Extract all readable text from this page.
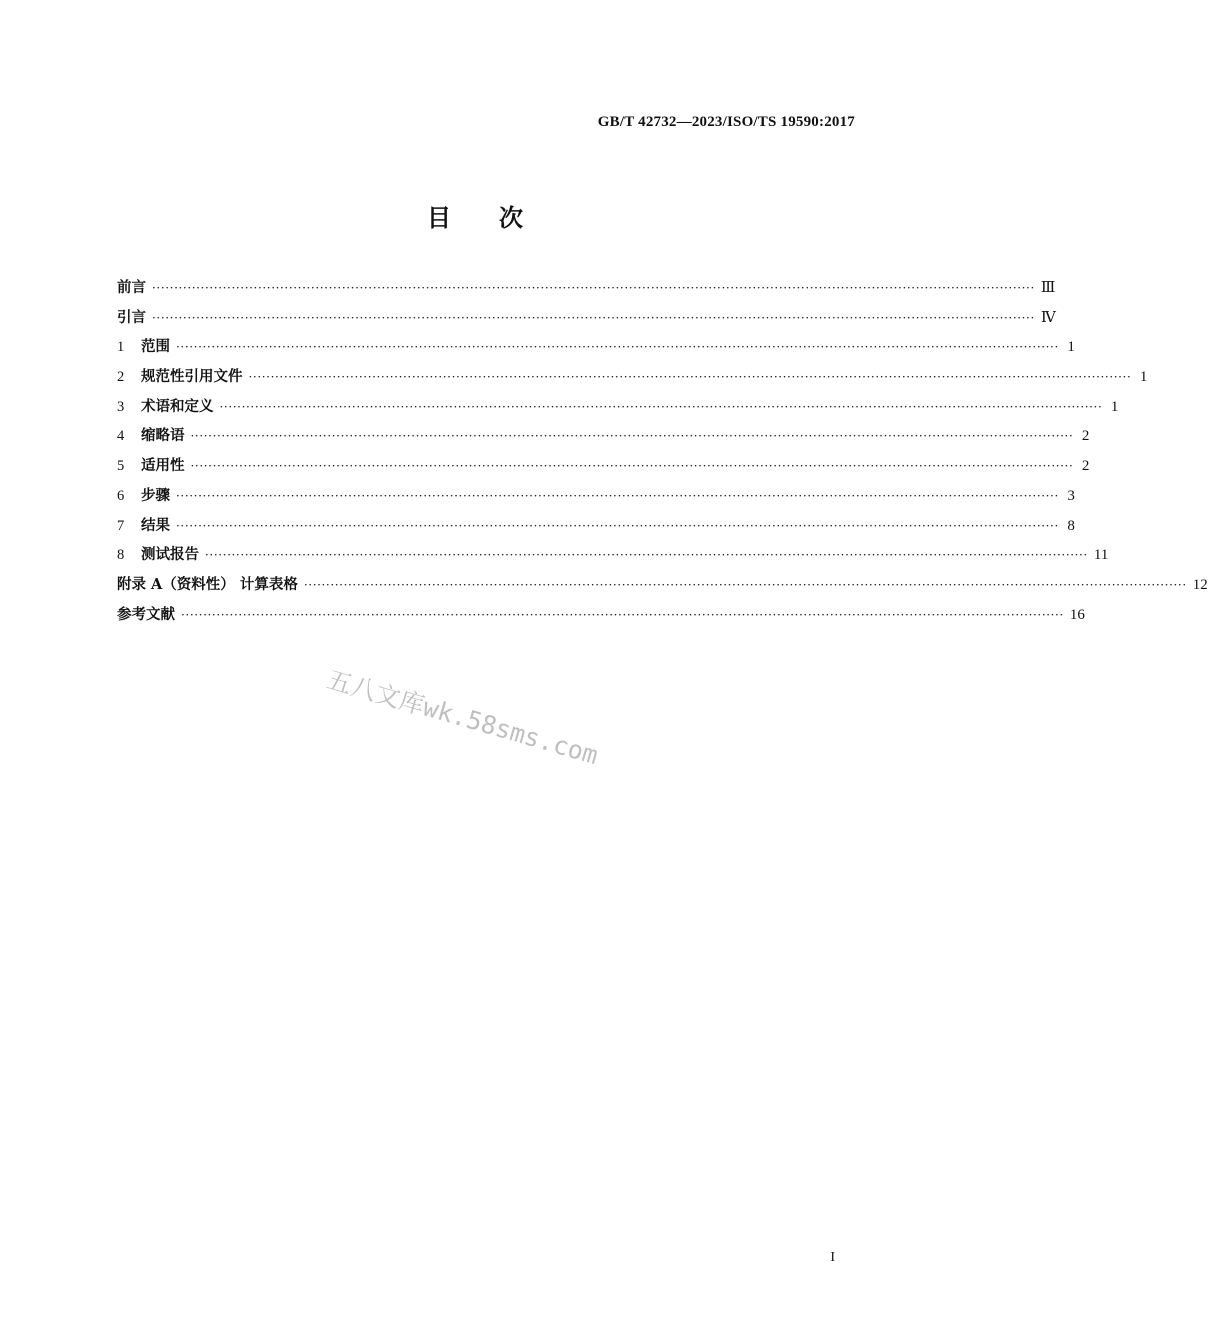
GB/T 42732—2023/ISO/TS 19590:2017
目 次
前言 ········································································································································································································ Ⅲ
引言 ········································································································································································································ Ⅳ
1	范围 ········································································································································································································ 1
2	规范性引用文件 ········································································································································································································ 1
3	术语和定义 ········································································································································································································ 1
4	缩略语 ········································································································································································································ 2
5	适用性 ········································································································································································································ 2
6	步骤 ········································································································································································································ 3
7	结果 ········································································································································································································ 8
8	测试报告 ········································································································································································································ 11
附录 A（资料性） 计算表格 ········································································································································································································ 12
参考文献 ········································································································································································································ 16
五八文库wk.58sms.com
I
